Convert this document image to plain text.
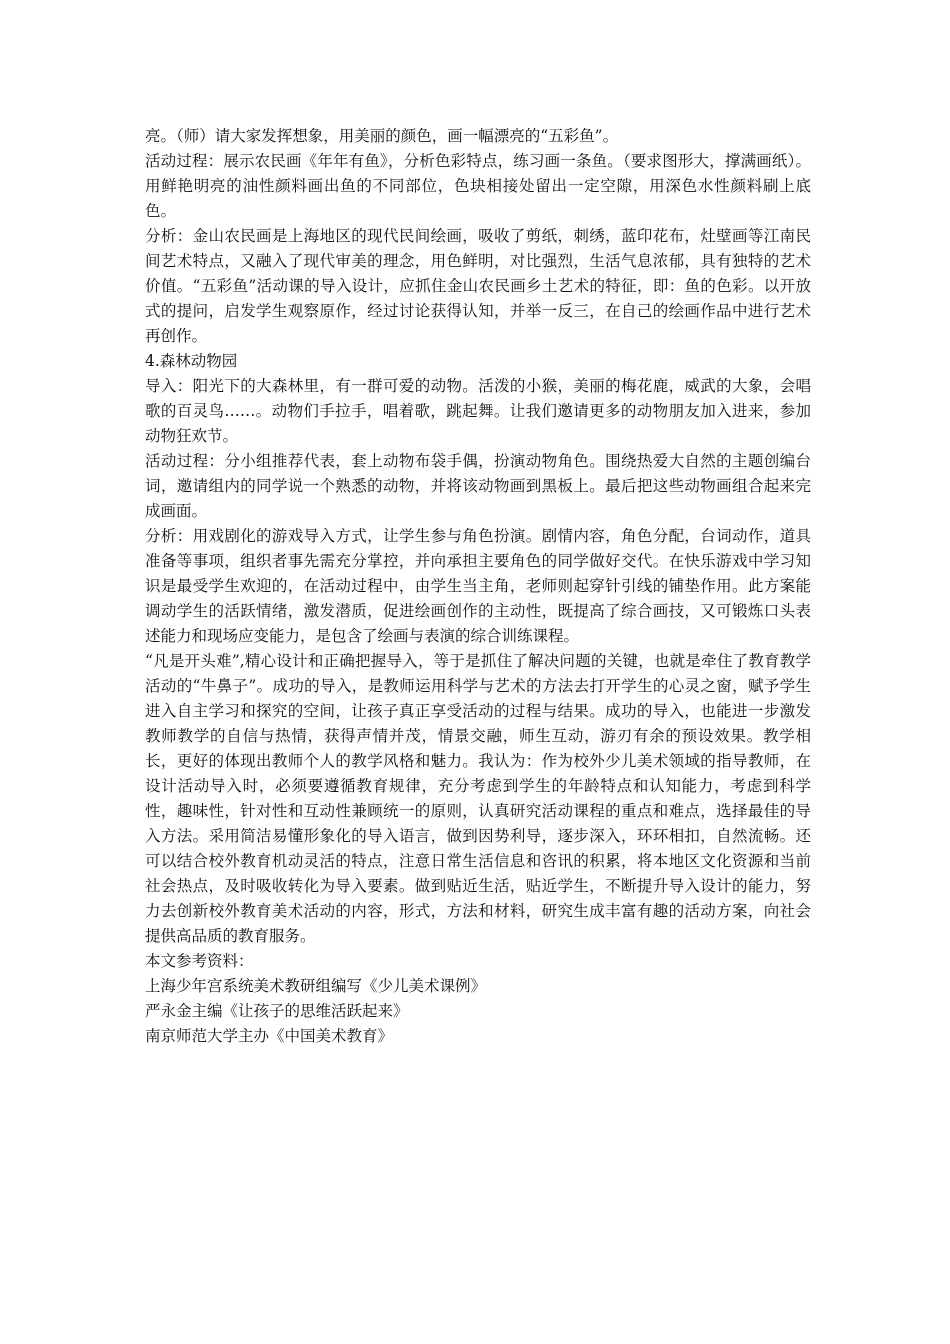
亮。（师）请大家发挥想象，用美丽的颜色，画一幅漂亮的“五彩鱼”。

活动过程：展示农民画《年年有鱼》，分析色彩特点，练习画一条鱼。（要求图形大，撑满画纸）。用鲜艳明亮的油性颜料画出鱼的不同部位，色块相接处留出一定空隙，用深色水性颜料刷上底色。

分析：金山农民画是上海地区的现代民间绘画，吸收了剪纸，刺绣，蓝印花布，灶壁画等江南民间艺术特点，又融入了现代审美的理念，用色鲜明，对比强烈，生活气息浓郁，具有独特的艺术价值。“五彩鱼”活动课的导入设计，应抓住金山农民画乡土艺术的特征，即：鱼的色彩。以开放式的提问，启发学生观察原作，经过讨论获得认知，并举一反三，在自己的绘画作品中进行艺术再创作。

4.森林动物园

导入：阳光下的大森林里，有一群可爱的动物。活泼的小猴，美丽的梅花鹿，威武的大象，会唱歌的百灵鸟……。动物们手拉手，唱着歌，跳起舞。让我们邀请更多的动物朋友加入进来，参加动物狂欢节。

活动过程：分小组推荐代表，套上动物布袋手偶，扮演动物角色。围绕热爱大自然的主题创编台词，邀请组内的同学说一个熟悉的动物，并将该动物画到黑板上。最后把这些动物画组合起来完成画面。

分析：用戏剧化的游戏导入方式，让学生参与角色扮演。剧情内容，角色分配，台词动作，道具准备等事项，组织者事先需充分掌控，并向承担主要角色的同学做好交代。在快乐游戏中学习知识是最受学生欢迎的，在活动过程中，由学生当主角，老师则起穿针引线的铺垫作用。此方案能调动学生的活跃情绪，激发潜质，促进绘画创作的主动性，既提高了综合画技，又可锻炼口头表述能力和现场应变能力，是包含了绘画与表演的综合训练课程。

“凡是开头难”,精心设计和正确把握导入，等于是抓住了解决问题的关键，也就是牵住了教育教学活动的“牛鼻子”。成功的导入，是教师运用科学与艺术的方法去打开学生的心灵之窗，赋予学生进入自主学习和探究的空间，让孩子真正享受活动的过程与结果。成功的导入，也能进一步激发教师教学的自信与热情，获得声情并茂，情景交融，师生互动，游刃有余的预设效果。教学相长，更好的体现出教师个人的教学风格和魅力。我认为：作为校外少儿美术领域的指导教师，在设计活动导入时，必须要遵循教育规律，充分考虑到学生的年龄特点和认知能力，考虑到科学性，趣味性，针对性和互动性兼顾统一的原则，认真研究活动课程的重点和难点，选择最佳的导入方法。采用简洁易懂形象化的导入语言，做到因势利导，逐步深入，环环相扣，自然流畅。还可以结合校外教育机动灵活的特点，注意日常生活信息和咨讯的积累，将本地区文化资源和当前社会热点，及时吸收转化为导入要素。做到贴近生活，贴近学生，不断提升导入设计的能力，努力去创新校外教育美术活动的内容，形式，方法和材料，研究生成丰富有趣的活动方案，向社会提供高品质的教育服务。

本文参考资料：

上海少年宫系统美术教研组编写《少儿美术课例》

严永金主编《让孩子的思维活跃起来》

南京师范大学主办《中国美术教育》
